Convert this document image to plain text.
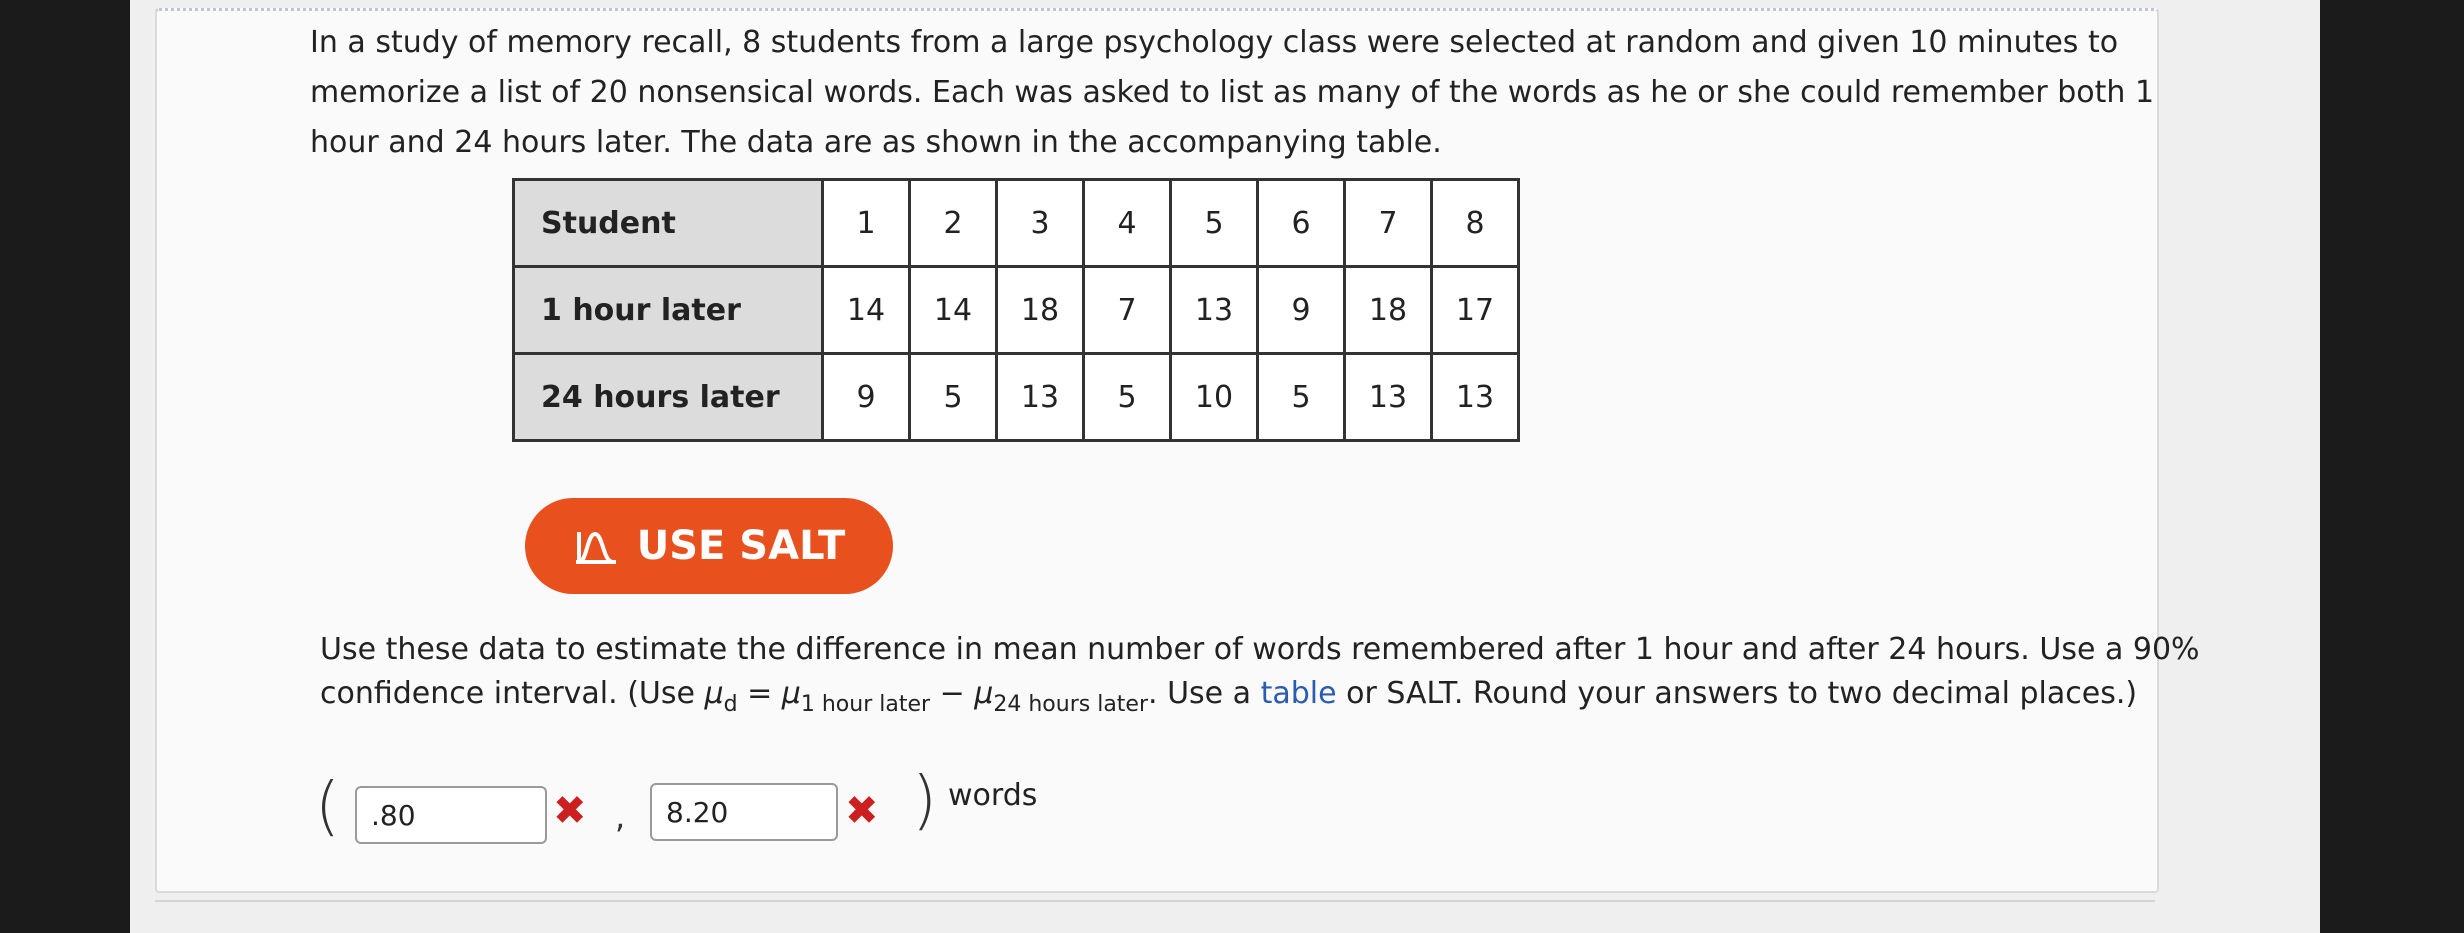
In a study of memory recall, 8 students from a large psychology class were selected at random and given 10 minutes to memorize a list of 20 nonsensical words. Each was asked to list as many of the words as he or she could remember both 1 hour and 24 hours later. The data are as shown in the accompanying table.
Student	1	2	3	4	5	6	7	8
1 hour later	14	14	18	7	13	9	18	17
24 hours later	9	5	13	5	10	5	13	13
USE SALT
Use these data to estimate the difference in mean number of words remembered after 1 hour and after 24 hours. Use a 90% confidence interval. (Use $\mu_d = \mu_{1 hour later} - \mu_{24 hours later}$. Use a table or SALT. Round your answers to two decimal places.)
(	.80	✖ ,	8.20	✖ ) words
